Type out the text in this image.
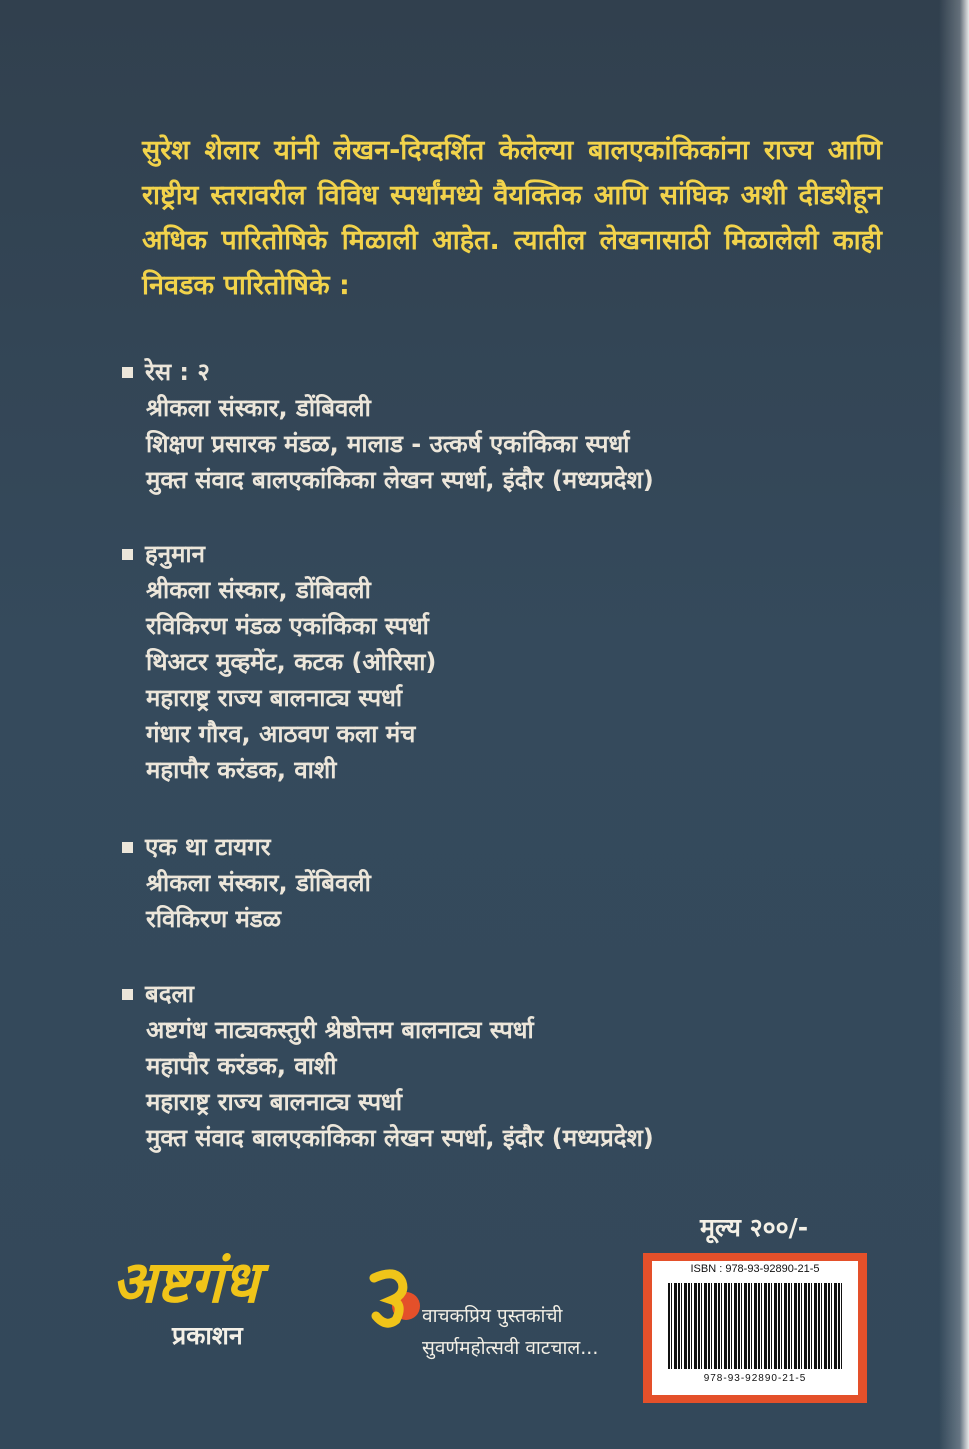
सुरेश शेलार यांनी लेखन-दिग्दर्शित केलेल्या बालएकांकिकांना राज्य आणि राष्ट्रीय स्तरावरील विविध स्पर्धांमध्ये वैयक्तिक आणि सांघिक अशी दीडशेहून अधिक पारितोषिके मिळाली आहेत. त्यातील लेखनासाठी मिळालेली काही निवडक पारितोषिके :
रेस : २
श्रीकला संस्कार, डोंबिवली
शिक्षण प्रसारक मंडळ, मालाड - उत्कर्ष एकांकिका स्पर्धा
मुक्त संवाद बालएकांकिका लेखन स्पर्धा, इंदौर (मध्यप्रदेश)
हनुमान
श्रीकला संस्कार, डोंबिवली
रविकिरण मंडळ एकांकिका स्पर्धा
थिअटर मुव्हमेंट, कटक (ओरिसा)
महाराष्ट्र राज्य बालनाट्य स्पर्धा
गंधार गौरव, आठवण कला मंच
महापौर करंडक, वाशी
एक था टायगर
श्रीकला संस्कार, डोंबिवली
रविकिरण मंडळ
बदला
अष्टगंध नाट्यकस्तुरी श्रेष्ठोत्तम बालनाट्य स्पर्धा
महापौर करंडक, वाशी
महाराष्ट्र राज्य बालनाट्य स्पर्धा
मुक्त संवाद बालएकांकिका लेखन स्पर्धा, इंदौर (मध्यप्रदेश)
मूल्य २००/-
ISBN : 978-93-92890-21-5
978-93-92890-21-5
अष्टगंध
प्रकाशन
वाचकप्रिय पुस्तकांची
सुवर्णमहोत्सवी वाटचाल...
